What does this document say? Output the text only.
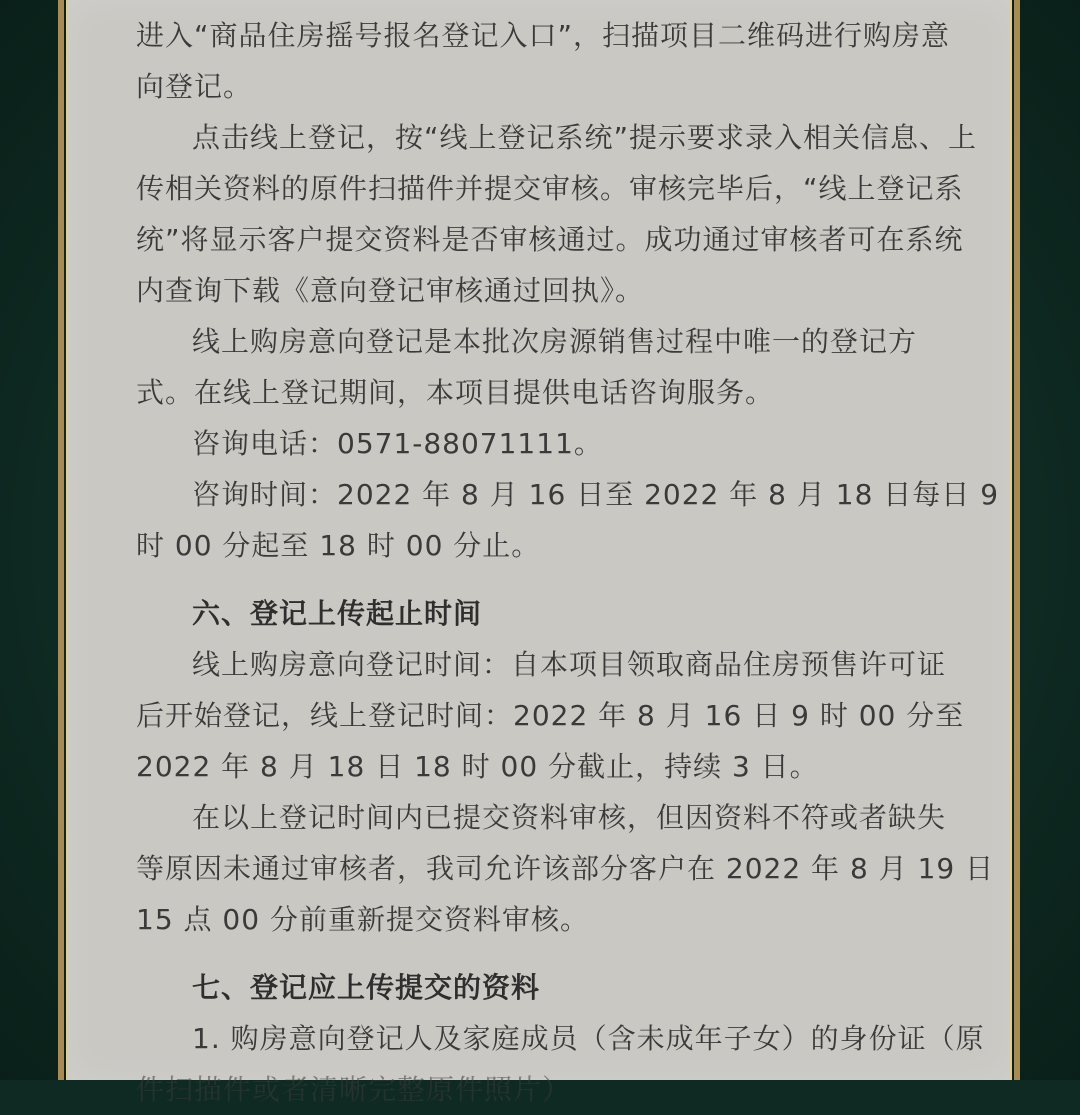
进入“商品住房摇号报名登记入口”，扫描项目二维码进行购房意
向登记。
点击线上登记，按“线上登记系统”提示要求录入相关信息、上
传相关资料的原件扫描件并提交审核。审核完毕后，“线上登记系
统”将显示客户提交资料是否审核通过。成功通过审核者可在系统
内查询下载《意向登记审核通过回执》。
线上购房意向登记是本批次房源销售过程中唯一的登记方
式。在线上登记期间，本项目提供电话咨询服务。
咨询电话：0571-88071111。
咨询时间：2022 年 8 月 16 日至 2022 年 8 月 18 日每日 9
时 00 分起至 18 时 00 分止。
六、登记上传起止时间
线上购房意向登记时间：自本项目领取商品住房预售许可证
后开始登记，线上登记时间：2022 年 8 月 16 日 9 时 00 分至
2022 年 8 月 18 日 18 时 00 分截止，持续 3 日。
在以上登记时间内已提交资料审核，但因资料不符或者缺失
等原因未通过审核者，我司允许该部分客户在 2022 年 8 月 19 日
15 点 00 分前重新提交资料审核。
七、登记应上传提交的资料
1. 购房意向登记人及家庭成员（含未成年子女）的身份证（原
件扫描件或者清晰完整原件照片）
